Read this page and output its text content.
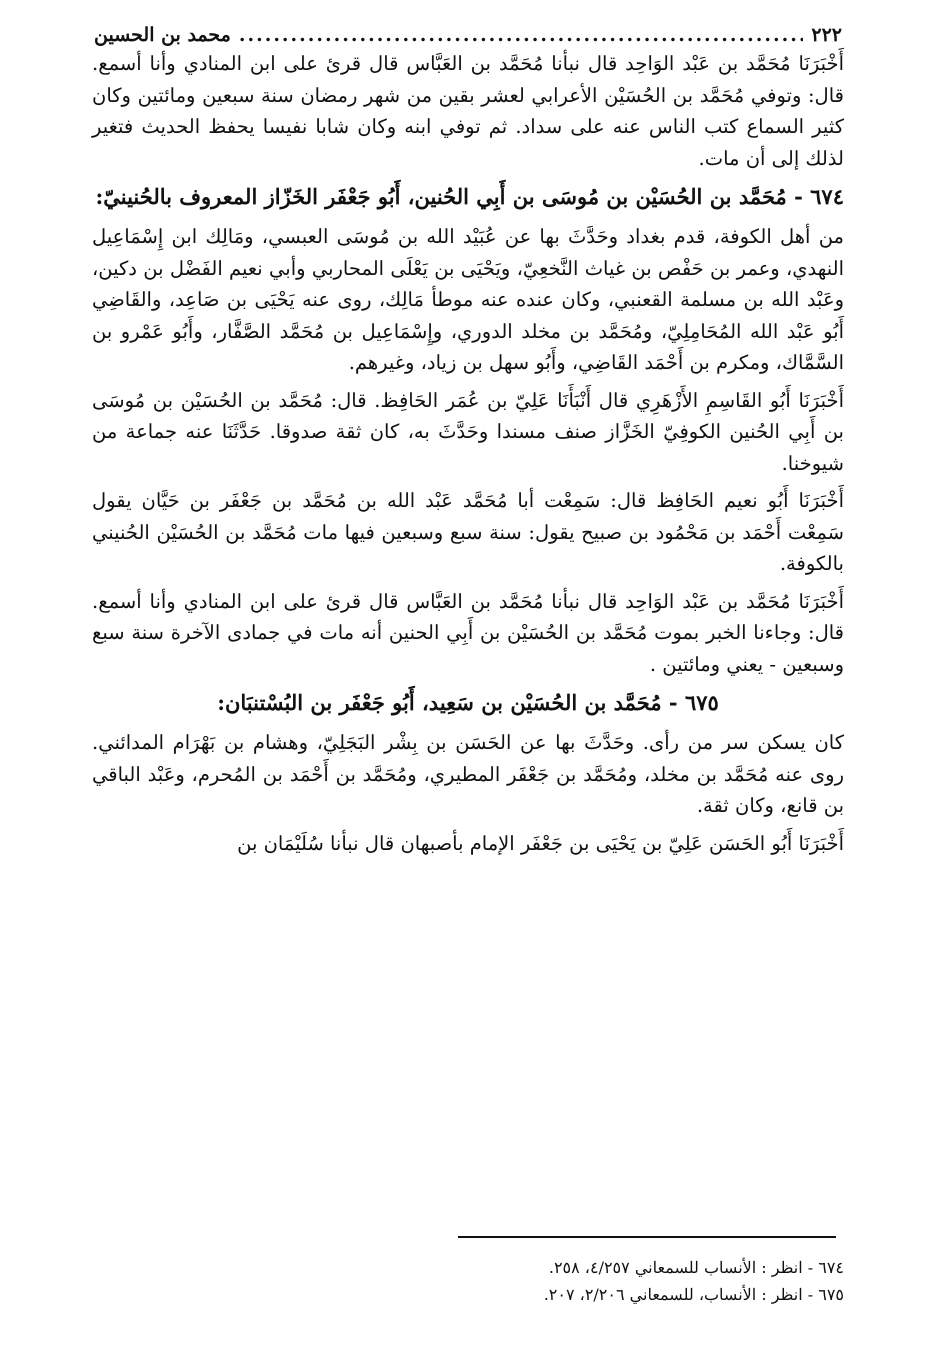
٢٢٢
.....
محمد بن الحسين

أَخْبَرَنَا مُحَمَّد بن عَبْد الوَاحِد قال نبأنا مُحَمَّد بن العَبَّاس قال قرئ على ابن المنادي وأنا أسمع. قال: وتوفي مُحَمَّد بن الحُسَيْن الأعرابي لعشر بقين من شهر رمضان سنة سبعين ومائتين وكان كثير السماع كتب الناس عنه على سداد. ثم توفي ابنه وكان شابا نفيسا يحفظ الحديث فتغير لذلك إلى أن مات.

٦٧٤ - مُحَمَّد بن الحُسَيْن بن مُوسَى بن أَبِي الحُنين، أَبُو جَعْفَر الخَزّاز المعروف بالحُنينيّ:

من أهل الكوفة، قدم بغداد وحَدَّثَ بها عن عُبَيْد الله بن مُوسَى العبسي، ومَالِك ابن إِسْمَاعِيل النهدي، وعمر بن حَفْص بن غياث النَّخعِيّ، ويَحْيَى بن يَعْلَى المحاربي وأبي نعيم الفَضْل بن دكين، وعَبْد الله بن مسلمة القعنبي، وكان عنده عنه موطأ مَالِك، روى عنه يَحْيَى بن صَاعِد، والقَاضِي أَبُو عَبْد الله المُحَامِلِيّ، ومُحَمَّد بن مخلد الدوري، وإِسْمَاعِيل بن مُحَمَّد الصَّفَّار، وأَبُو عَمْرو بن السَّمَّاك، ومكرم بن أَحْمَد القَاضِي، وأَبُو سهل بن زياد، وغيرهم.

أَخْبَرَنَا أَبُو القَاسِمِ الأَزْهَرِي قال أَنْبَأَنَا عَلِيّ بن عُمَر الحَافِظ. قال: مُحَمَّد بن الحُسَيْن بن مُوسَى بن أَبِي الحُنين الكوفِيّ الخَزَّاز صنف مسندا وحَدَّثَ به، كان ثقة صدوقا. حَدَّثَنَا عنه جماعة من شيوخنا.

أَخْبَرَنَا أَبُو نعيم الحَافِظ قال: سَمِعْت أبا مُحَمَّد عَبْد الله بن مُحَمَّد بن جَعْفَر بن حَيَّان يقول سَمِعْت أَحْمَد بن مَحْمُود بن صبيح يقول: سنة سبع وسبعين فيها مات مُحَمَّد بن الحُسَيْن الحُنيني بالكوفة.

أَخْبَرَنَا مُحَمَّد بن عَبْد الوَاحِد قال نبأنا مُحَمَّد بن العَبَّاس قال قرئ على ابن المنادي وأنا أسمع. قال: وجاءنا الخبر بموت مُحَمَّد بن الحُسَيْن بن أَبِي الحنين أنه مات في جمادى الآخرة سنة سبع وسبعين - يعني ومائتين .

٦٧٥ - مُحَمَّد بن الحُسَيْن بن سَعِيد، أَبُو جَعْفَر بن البُسْتنبَان:

كان يسكن سر من رأى. وحَدَّثَ بها عن الحَسَن بن بِشْر البَجَلِيّ، وهشام بن بَهْرَام المدائني. روى عنه مُحَمَّد بن مخلد، ومُحَمَّد بن جَعْفَر المطيري، ومُحَمَّد بن أَحْمَد بن المُحرم، وعَبْد الباقي بن قانع، وكان ثقة.

أَخْبَرَنَا أَبُو الحَسَن عَلِيّ بن يَحْيَى بن جَعْفَر الإمام بأصبهان قال نبأنا سُلَيْمَان بن

٦٧٤ - انظر : الأنساب للسمعاني ٤/٢٥٧، ٢٥٨.
٦٧٥ - انظر : الأنساب، للسمعاني ٢/٢٠٦، ٢٠٧.
